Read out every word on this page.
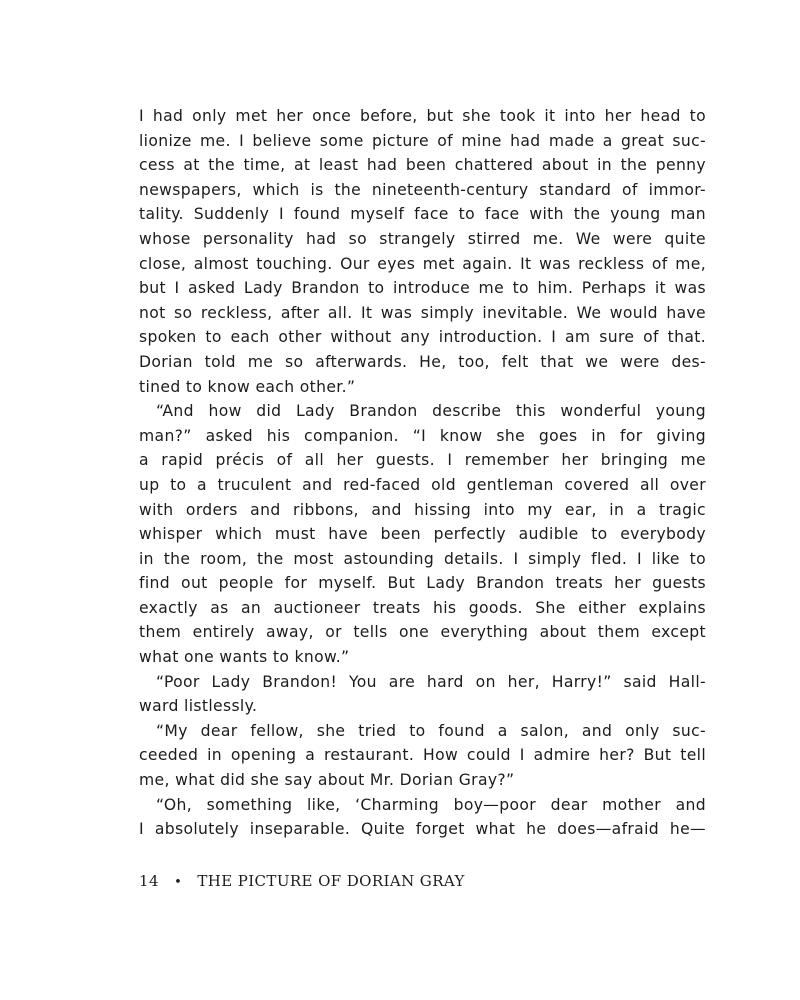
I had only met her once before, but she took it into her head to
lionize me. I believe some picture of mine had made a great suc-
cess at the time, at least had been chattered about in the penny
newspapers, which is the nineteenth-century standard of immor-
tality. Suddenly I found myself face to face with the young man
whose personality had so strangely stirred me. We were quite
close, almost touching. Our eyes met again. It was reckless of me,
but I asked Lady Brandon to introduce me to him. Perhaps it was
not so reckless, after all. It was simply inevitable. We would have
spoken to each other without any introduction. I am sure of that.
Dorian told me so afterwards. He, too, felt that we were des-
tined to know each other.”
“And how did Lady Brandon describe this wonderful young
man?” asked his companion. “I know she goes in for giving
a rapid précis of all her guests. I remember her bringing me
up to a truculent and red-faced old gentleman covered all over
with orders and ribbons, and hissing into my ear, in a tragic
whisper which must have been perfectly audible to everybody
in the room, the most astounding details. I simply fled. I like to
find out people for myself. But Lady Brandon treats her guests
exactly as an auctioneer treats his goods. She either explains
them entirely away, or tells one everything about them except
what one wants to know.”
“Poor Lady Brandon! You are hard on her, Harry!” said Hall-
ward listlessly.
“My dear fellow, she tried to found a salon, and only suc-
ceeded in opening a restaurant. How could I admire her? But tell
me, what did she say about Mr. Dorian Gray?”
“Oh, something like, ‘Charming boy—poor dear mother and
I absolutely inseparable. Quite forget what he does—afraid he—
14 • THE PICTURE OF DORIAN GRAY
